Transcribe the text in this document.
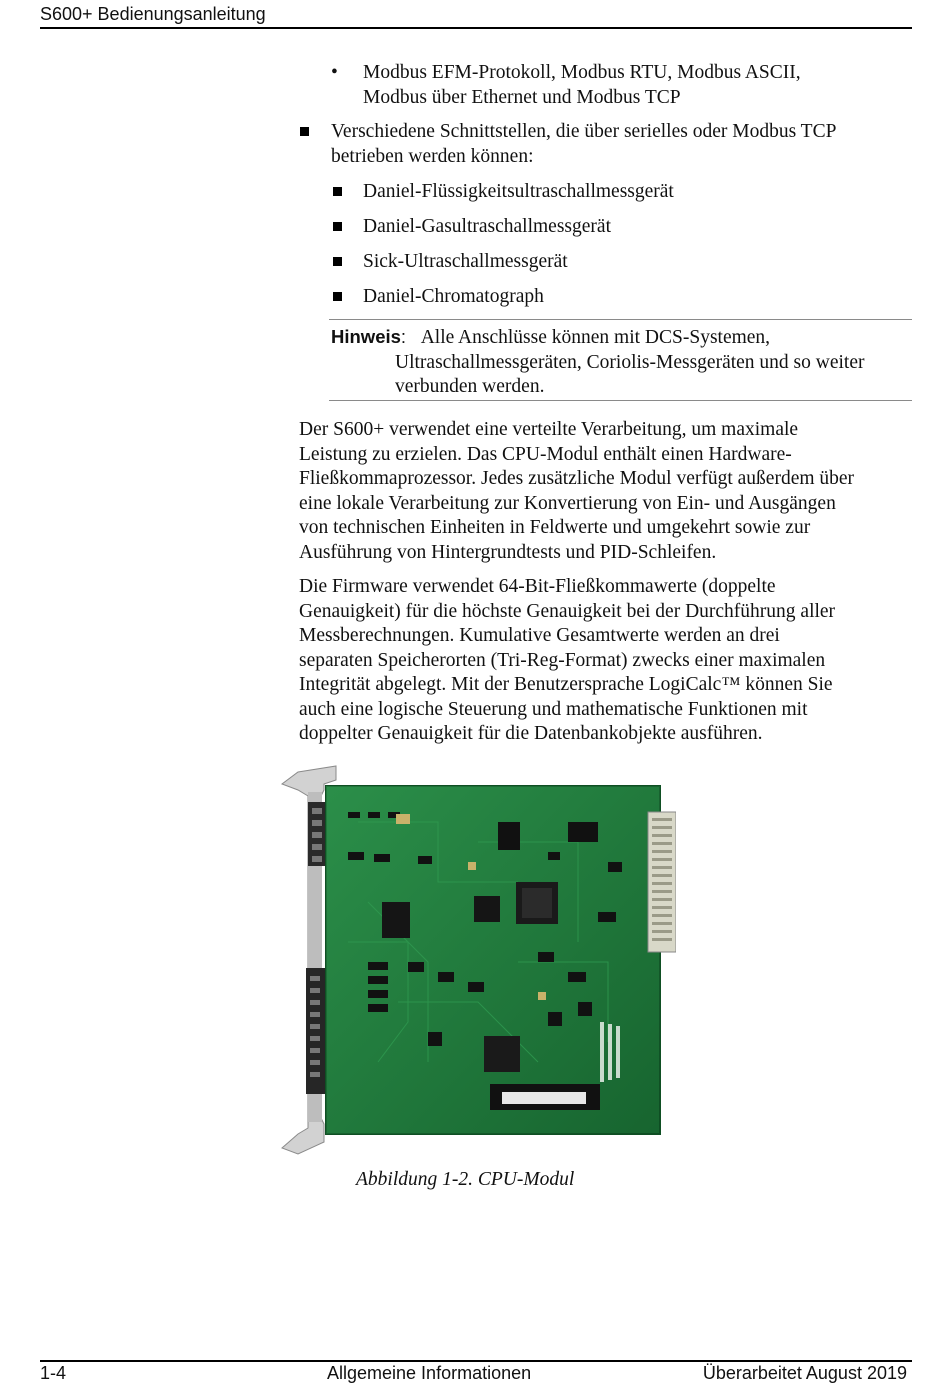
S600+ Bedienungsanleitung
• Modbus EFM-Protokoll, Modbus RTU, Modbus ASCII,
Modbus über Ethernet und Modbus TCP
Verschiedene Schnittstellen, die über serielles oder Modbus TCP
betrieben werden können:
Daniel-Flüssigkeitsultraschallmessgerät
Daniel-Gasultraschallmessgerät
Sick-Ultraschallmessgerät
Daniel-Chromatograph
Hinweis: Alle Anschlüsse können mit DCS-Systemen,
Ultraschallmessgeräten, Coriolis-Messgeräten und so weiter
verbunden werden.
Der S600+ verwendet eine verteilte Verarbeitung, um maximale
Leistung zu erzielen. Das CPU-Modul enthält einen Hardware-
Fließkommaprozessor. Jedes zusätzliche Modul verfügt außerdem über
eine lokale Verarbeitung zur Konvertierung von Ein- und Ausgängen
von technischen Einheiten in Feldwerte und umgekehrt sowie zur
Ausführung von Hintergrundtests und PID-Schleifen.
Die Firmware verwendet 64-Bit-Fließkommawerte (doppelte
Genauigkeit) für die höchste Genauigkeit bei der Durchführung aller
Messberechnungen. Kumulative Gesamtwerte werden an drei
separaten Speicherorten (Tri-Reg-Format) zwecks einer maximalen
Integrität abgelegt. Mit der Benutzersprache LogiCalc™ können Sie
auch eine logische Steuerung und mathematische Funktionen mit
doppelter Genauigkeit für die Datenbankobjekte ausführen.
Abbildung 1-2. CPU-Modul
1-4	Allgemeine Informationen	Überarbeitet August 2019
